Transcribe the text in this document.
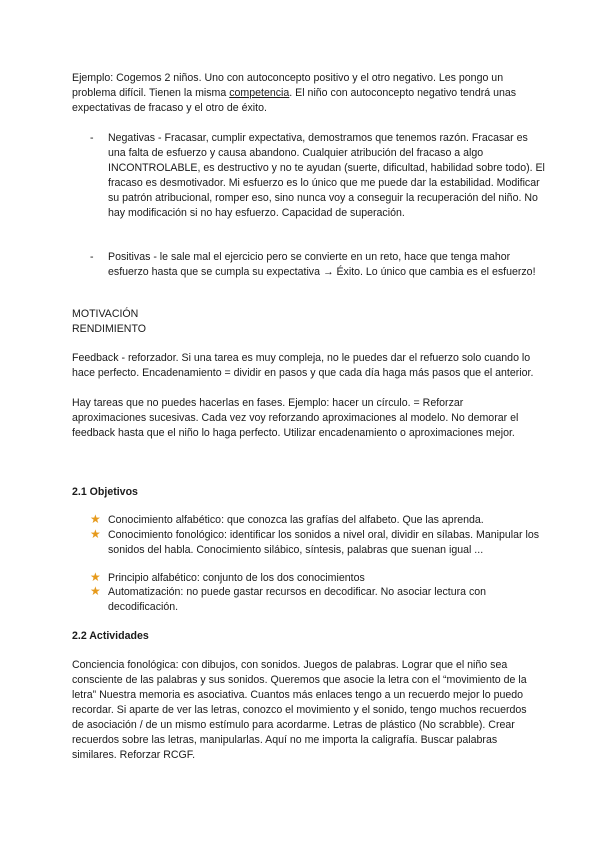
Ejemplo: Cogemos 2 niños. Uno con autoconcepto positivo y el otro negativo. Les pongo un problema difícil. Tienen la misma competencia. El niño con autoconcepto negativo tendrá unas expectativas de fracaso y el otro de éxito.

- Negativas - Fracasar, cumplir expectativa, demostramos que tenemos razón. Fracasar es una falta de esfuerzo y causa abandono. Cualquier atribución del fracaso a algo INCONTROLABLE, es destructivo y no te ayudan (suerte, dificultad, habilidad sobre todo). El fracaso es desmotivador. Mi esfuerzo es lo único que me puede dar la estabilidad. Modificar su patrón atribucional, romper eso, sino nunca voy a conseguir la recuperación del niño. No hay modificación si no hay esfuerzo. Capacidad de superación.
- Positivas - le sale mal el ejercicio pero se convierte en un reto, hace que tenga mahor esfuerzo hasta que se cumpla su expectativa → Éxito. Lo único que cambia es el esfuerzo!

MOTIVACIÓN

RENDIMIENTO

Feedback - reforzador. Si una tarea es muy compleja, no le puedes dar el refuerzo solo cuando lo hace perfecto. Encadenamiento = dividir en pasos y que cada día haga más pasos que el anterior.

Hay tareas que no puedes hacerlas en fases. Ejemplo: hacer un círculo. = Reforzar aproximaciones sucesivas. Cada vez voy reforzando aproximaciones al modelo. No demorar el feedback hasta que el niño lo haga perfecto. Utilizar encadenamiento o aproximaciones mejor.

2.1 Objetivos

★ Conocimiento alfabético: que conozca las grafías del alfabeto. Que las aprenda.
★ Conocimiento fonológico: identificar los sonidos a nivel oral, dividir en sílabas. Manipular los sonidos del habla. Conocimiento silábico, síntesis, palabras que suenan igual ...
★ Principio alfabético: conjunto de los dos conocimientos
★ Automatización: no puede gastar recursos en decodificar. No asociar lectura con decodificación.

2.2 Actividades

Conciencia fonológica: con dibujos, con sonidos. Juegos de palabras. Lograr que el niño sea consciente de las palabras y sus sonidos. Queremos que asocie la letra con el “movimiento de la letra” Nuestra memoria es asociativa. Cuantos más enlaces tengo a un recuerdo mejor lo puedo recordar. Si aparte de ver las letras, conozco el movimiento y el sonido, tengo muchos recuerdos de asociación / de un mismo estímulo para acordarme. Letras de plástico (No scrabble). Crear recuerdos sobre las letras, manipularlas. Aquí no me importa la caligrafía. Buscar palabras similares. Reforzar RCGF.
